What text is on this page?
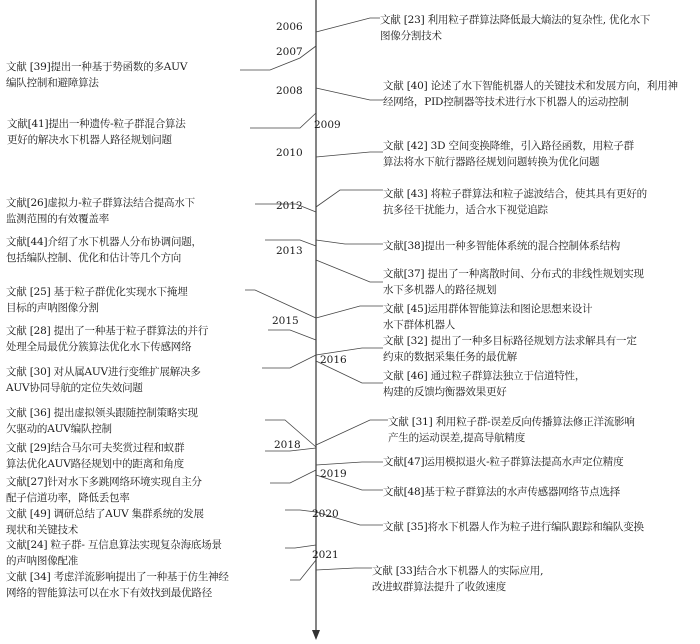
2006
2007
2008
2009
2010
2012
2013
2015
2016
2018
2019
2020
2021
文献 [23] 利用粒子群算法降低最大熵法的复杂性, 优化水下
图像分割技术
文献 [40] 论述了水下智能机器人的关键技术和发展方向，利用神
经网络，PID控制器等技术进行水下机器人的运动控制
文献 [42] 3D 空间变换降维，引入路径函数，用粒子群
算法将水下航行器路径规划问题转换为优化问题
文献 [43] 将粒子群算法和粒子滤波结合，使其具有更好的
抗多径干扰能力，适合水下视觉追踪
文献[38]提出一种多智能体系统的混合控制体系结构
文献[37] 提出了一种离散时间、分布式的非线性规划实现
水下多机器人的路径规划
文献 [45]运用群体智能算法和图论思想来设计
水下群体机器人
文献 [32] 提出了一种多目标路径规划方法求解具有一定
约束的数据采集任务的最优解
文献 [46] 通过粒子群算法独立于信道特性，
构建的反馈均衡器效果更好
文献 [31] 利用粒子群-误差反向传播算法修正洋流影响
产生的运动误差,提高导航精度
文献[47]运用模拟退火-粒子群算法提高水声定位精度
文献[48]基于粒子群算法的水声传感器网络节点选择
文献 [35]将水下机器人作为粒子进行编队跟踪和编队变换
文献 [33]结合水下机器人的实际应用,
改进蚁群算法提升了收敛速度
文献 [39]提出一种基于势函数的多AUV
编队控制和避障算法
文献[41]提出一种遗传-粒子群混合算法
更好的解决水下机器人路径规划问题
文献[26]虚拟力-粒子群算法结合提高水下
监测范围的有效覆盖率
文献[44]介绍了水下机器人分布协调问题，
包括编队控制、优化和估计等几个方向
文献 [25] 基于粒子群优化实现水下掩埋
目标的声呐图像分割
文献 [28] 提出了一种基于粒子群算法的并行
处理全局最优分簇算法优化水下传感网络
文献 [30] 对从属AUV进行变维扩展解决多
AUV协同导航的定位失效问题
文献 [36] 提出虚拟领头跟随控制策略实现
欠驱动的AUV编队控制
文献 [29]结合马尔可夫奖赏过程和蚁群
算法优化AUV路径规划中的距离和角度
文献[27]针对水下多跳网络环境实现自主分
配子信道功率，降低丢包率
文献 [49] 调研总结了AUV 集群系统的发展
现状和关键技术
文献[24] 粒子群- 互信息算法实现复杂海底场景
的声呐图像配准
文献 [34] 考虑洋流影响提出了一种基于仿生神经
网络的智能算法可以在水下有效找到最优路径
